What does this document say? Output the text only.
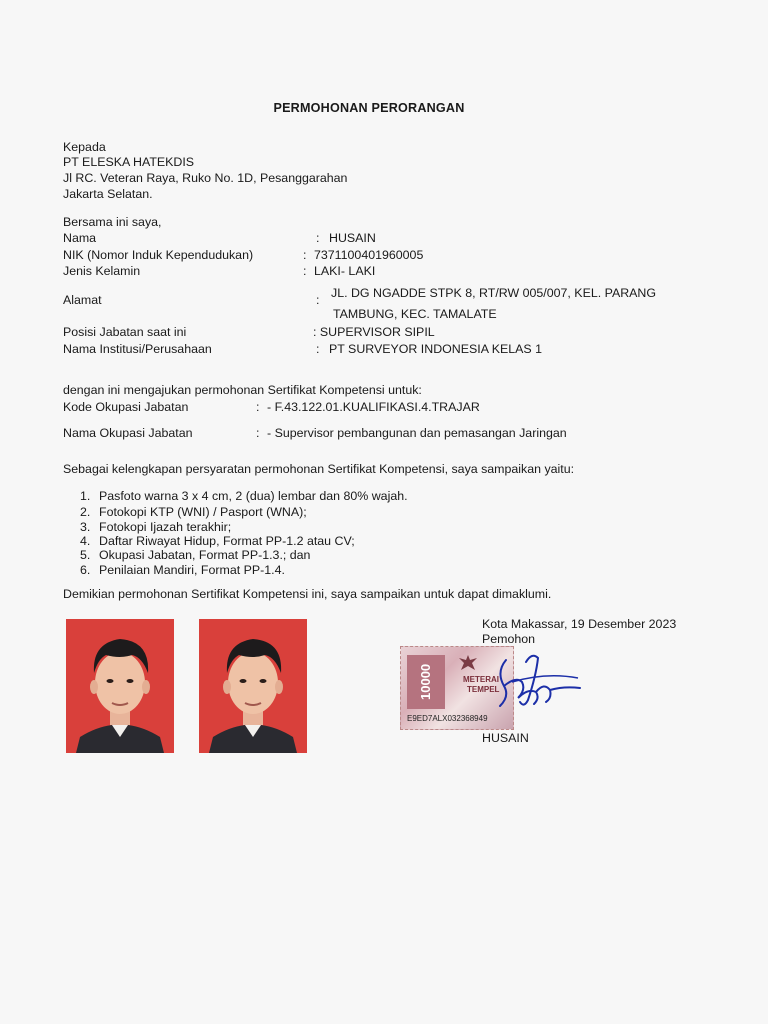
PERMOHONAN PERORANGAN
Kepada
PT ELESKA HATEKDIS
Jl RC. Veteran Raya, Ruko No. 1D, Pesanggarahan
Jakarta Selatan.
Bersama ini saya,
Nama	: HUSAIN
NIK (Nomor Induk Kependudukan)	: 7371100401960005
Jenis Kelamin	: LAKI- LAKI
Alamat	: JL. DG NGADDE STPK 8, RT/RW 005/007, KEL. PARANG
TAMBUNG, KEC. TAMALATE
Posisi Jabatan saat ini	: SUPERVISOR SIPIL
Nama Institusi/Perusahaan	: PT SURVEYOR INDONESIA KELAS 1
dengan ini mengajukan permohonan Sertifikat Kompetensi untuk:
Kode Okupasi Jabatan	: - F.43.122.01.KUALIFIKASI.4.TRAJAR
Nama Okupasi Jabatan	: - Supervisor pembangunan dan pemasangan Jaringan
Sebagai kelengkapan persyaratan permohonan Sertifikat Kompetensi, saya sampaikan yaitu:
1. Pasfoto warna 3 x 4 cm, 2 (dua) lembar dan 80% wajah.
2. Fotokopi KTP (WNI) / Pasport (WNA);
3. Fotokopi Ijazah terakhir;
4. Daftar Riwayat Hidup, Format PP-1.2 atau CV;
5. Okupasi Jabatan, Format PP-1.3.; dan
6. Penilaian Mandiri, Format PP-1.4.
Demikian permohonan Sertifikat Kompetensi ini, saya sampaikan untuk dapat dimaklumi.
Kota Makassar, 19 Desember 2023
Pemohon
HUSAIN
10000	METERAI
TEMPEL
E9ED7ALX032368949
